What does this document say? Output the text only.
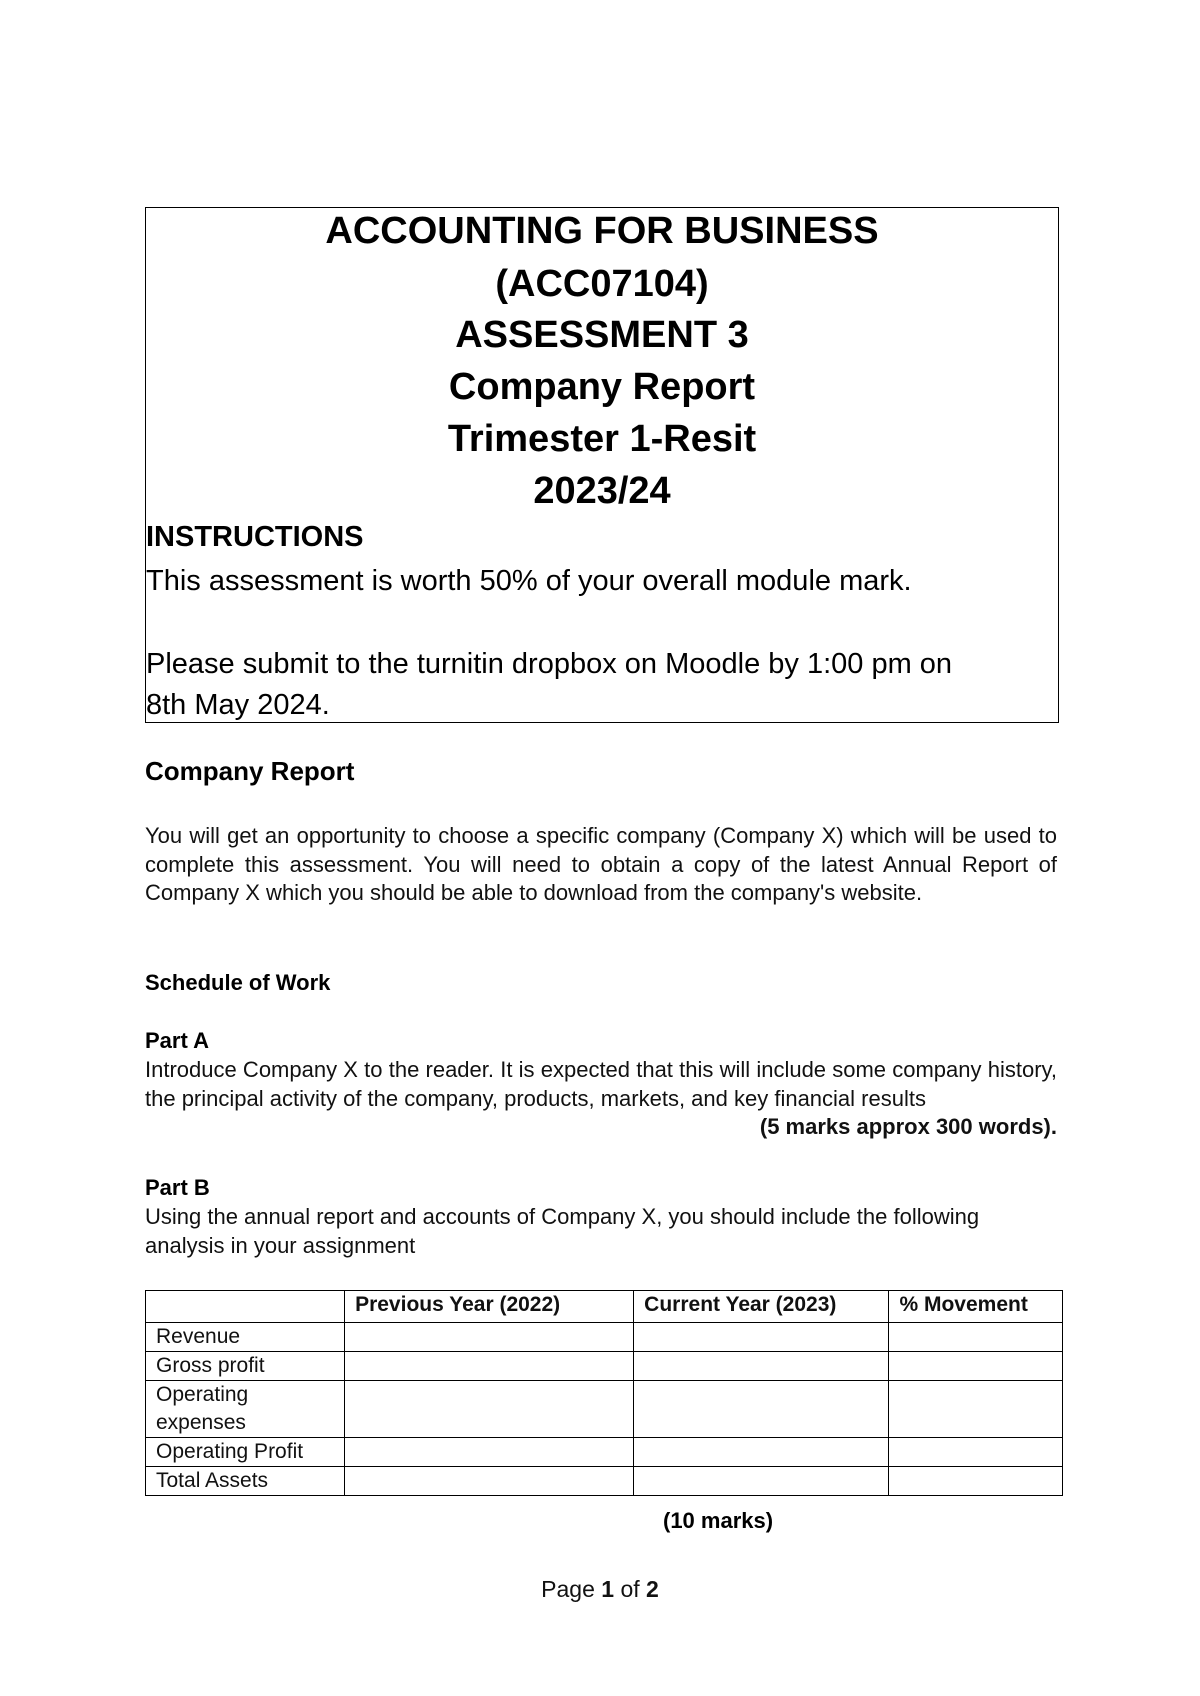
ACCOUNTING FOR BUSINESS
(ACC07104)
ASSESSMENT 3
Company Report
Trimester 1-Resit
2023/24
INSTRUCTIONS
This assessment is worth 50% of your overall module mark.
Please submit to the turnitin dropbox on Moodle by 1:00 pm on
8th May 2024.
Company Report
You will get an opportunity to choose a specific company (Company X) which will be used to complete this assessment. You will need to obtain a copy of the latest Annual Report of Company X which you should be able to download from the company's website.
Schedule of Work
Part A
Introduce Company X to the reader. It is expected that this will include some company history, the principal activity of the company, products, markets, and key financial results
(5 marks approx 300 words).
Part B
Using the annual report and accounts of Company X, you should include the following analysis in your assignment
	Previous Year (2022)	Current Year (2023)	% Movement
Revenue			
Gross profit			
Operating expenses			
Operating Profit			
Total Assets			
(10 marks)
Page 1 of 2
